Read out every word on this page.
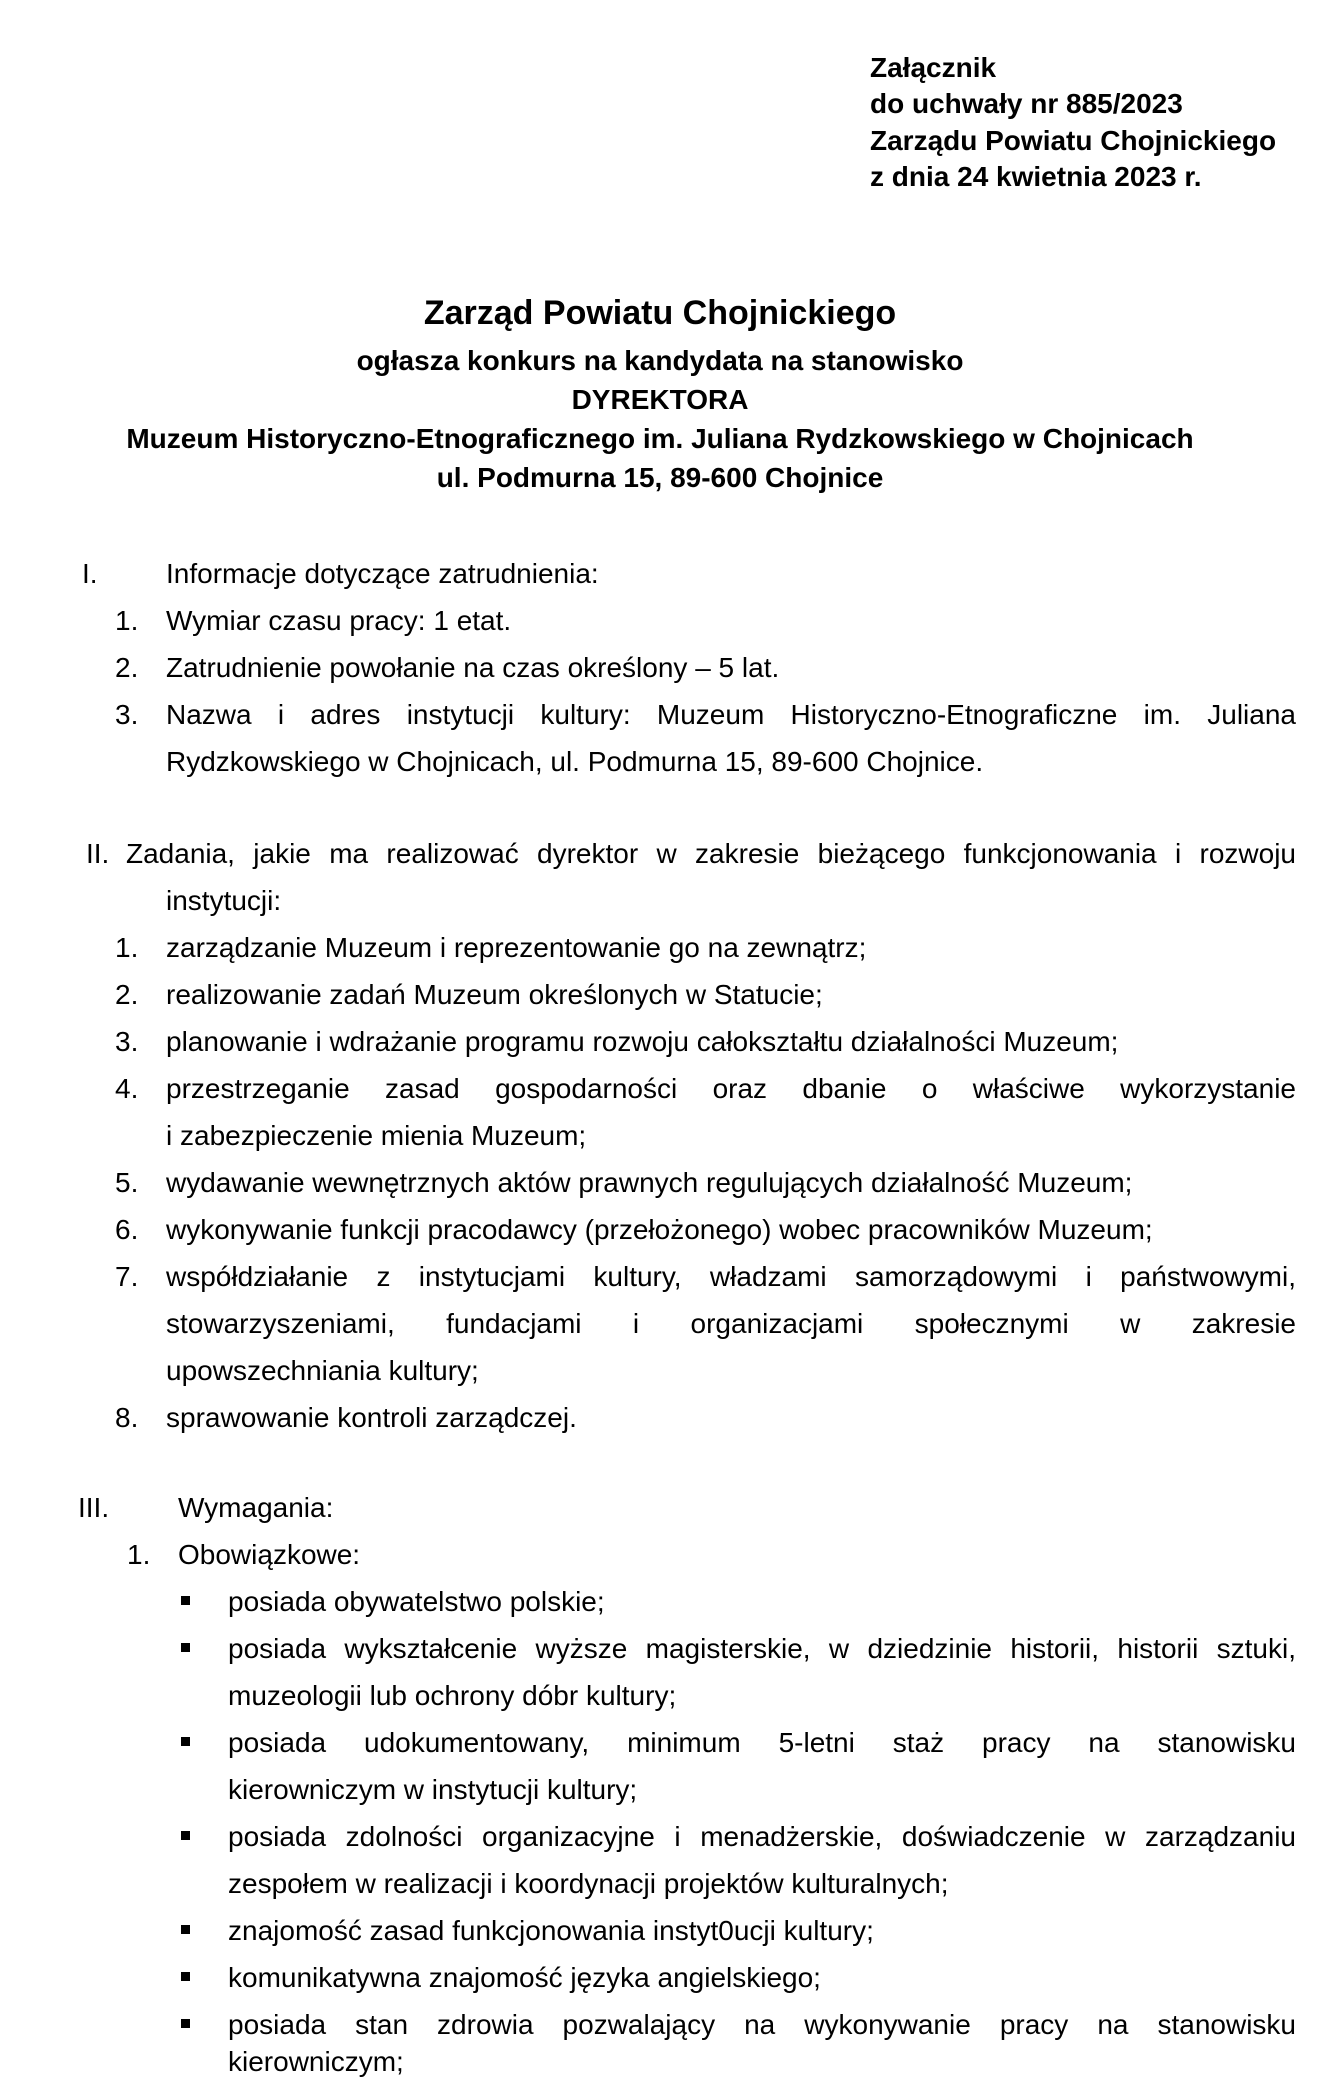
Załącznik
do uchwały nr 885/2023
Zarządu Powiatu Chojnickiego
z dnia 24 kwietnia 2023 r.
Zarząd Powiatu Chojnickiego
ogłasza konkurs na kandydata na stanowisko
DYREKTORA
Muzeum Historyczno-Etnograficznego im. Juliana Rydzkowskiego w Chojnicach
ul. Podmurna 15, 89-600 Chojnice
I. Informacje dotyczące zatrudnienia:
1. Wymiar czasu pracy: 1 etat.
2. Zatrudnienie powołanie na czas określony – 5 lat.
3. Nazwa i adres instytucji kultury: Muzeum Historyczno-Etnograficzne im. Juliana
Rydzkowskiego w Chojnicach, ul. Podmurna 15, 89-600 Chojnice.
II. Zadania, jakie ma realizować dyrektor w zakresie bieżącego funkcjonowania i rozwoju
instytucji:
1. zarządzanie Muzeum i reprezentowanie go na zewnątrz;
2. realizowanie zadań Muzeum określonych w Statucie;
3. planowanie i wdrażanie programu rozwoju całokształtu działalności Muzeum;
4. przestrzeganie zasad gospodarności oraz dbanie o właściwe wykorzystanie
i zabezpieczenie mienia Muzeum;
5. wydawanie wewnętrznych aktów prawnych regulujących działalność Muzeum;
6. wykonywanie funkcji pracodawcy (przełożonego) wobec pracowników Muzeum;
7. współdziałanie z instytucjami kultury, władzami samorządowymi i państwowymi,
stowarzyszeniami, fundacjami i organizacjami społecznymi w zakresie
upowszechniania kultury;
8. sprawowanie kontroli zarządczej.
III. Wymagania:
1. Obowiązkowe:
posiada obywatelstwo polskie;
posiada wykształcenie wyższe magisterskie, w dziedzinie historii, historii sztuki,
muzeologii lub ochrony dóbr kultury;
posiada udokumentowany, minimum 5-letni staż pracy na stanowisku
kierowniczym w instytucji kultury;
posiada zdolności organizacyjne i menadżerskie, doświadczenie w zarządzaniu
zespołem w realizacji i koordynacji projektów kulturalnych;
znajomość zasad funkcjonowania instyt0ucji kultury;
komunikatywna znajomość języka angielskiego;
posiada stan zdrowia pozwalający na wykonywanie pracy na stanowisku
kierowniczym;
